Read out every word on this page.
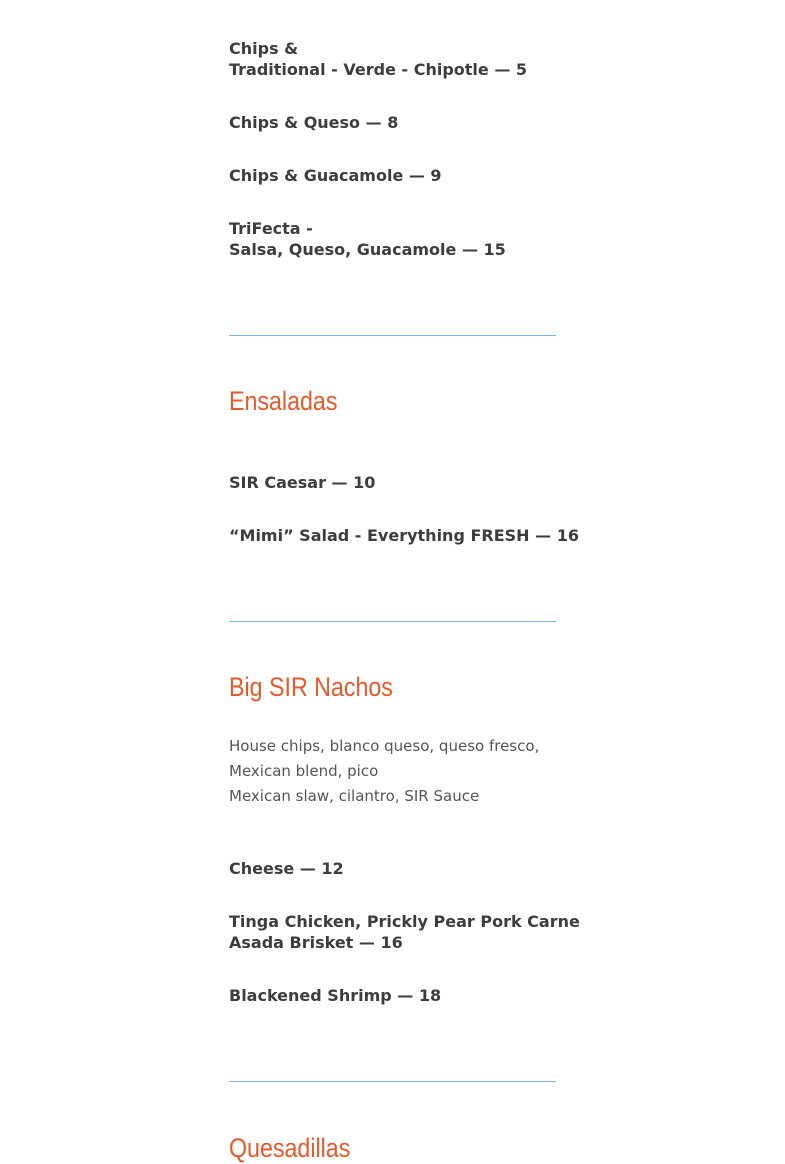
Chips &
Traditional - Verde - Chipotle — 5
Chips & Queso — 8
Chips & Guacamole — 9
TriFecta -
Salsa, Queso, Guacamole — 15
Ensaladas
SIR Caesar — 10
“Mimi” Salad - Everything FRESH — 16
Big SIR Nachos
House chips, blanco queso, queso fresco,
Mexican blend, pico
Mexican slaw, cilantro, SIR Sauce
Cheese — 12
Tinga Chicken, Prickly Pear Pork Carne
Asada Brisket — 16
Blackened Shrimp — 18
Quesadillas
